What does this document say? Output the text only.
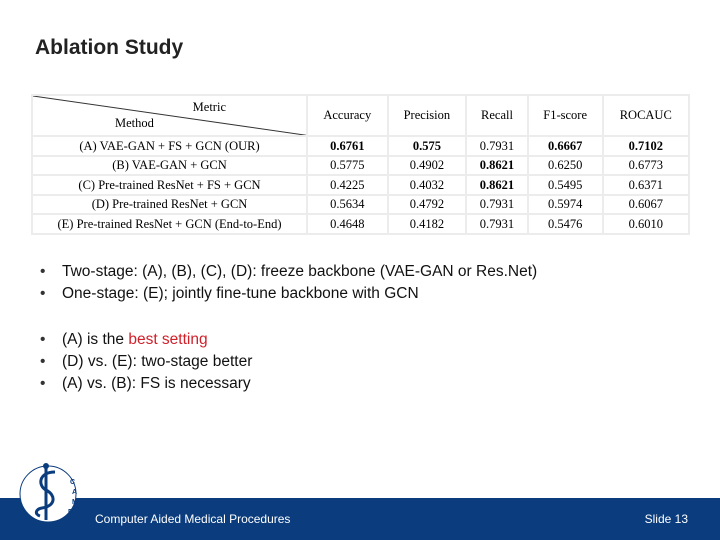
Ablation Study
Metric
Method	Accuracy	Precision	Recall	F1-score	ROCAUC
(A) VAE-GAN + FS + GCN (OUR)	0.6761	0.575	0.7931	0.6667	0.7102
(B) VAE-GAN + GCN	0.5775	0.4902	0.8621	0.6250	0.6773
(C) Pre-trained ResNet + FS + GCN	0.4225	0.4032	0.8621	0.5495	0.6371
(D) Pre-trained ResNet + GCN	0.5634	0.4792	0.7931	0.5974	0.6067
(E) Pre-trained ResNet + GCN (End-to-End)	0.4648	0.4182	0.7931	0.5476	0.6010
• Two-stage: (A), (B), (C), (D): freeze backbone (VAE-GAN or Res.Net)
• One-stage: (E); jointly fine-tune backbone with GCN
• (A) is the best setting
• (D) vs. (E): two-stage better
• (A) vs. (B): FS is necessary
C
A
M
P Computer Aided Medical Procedures	Slide 13
